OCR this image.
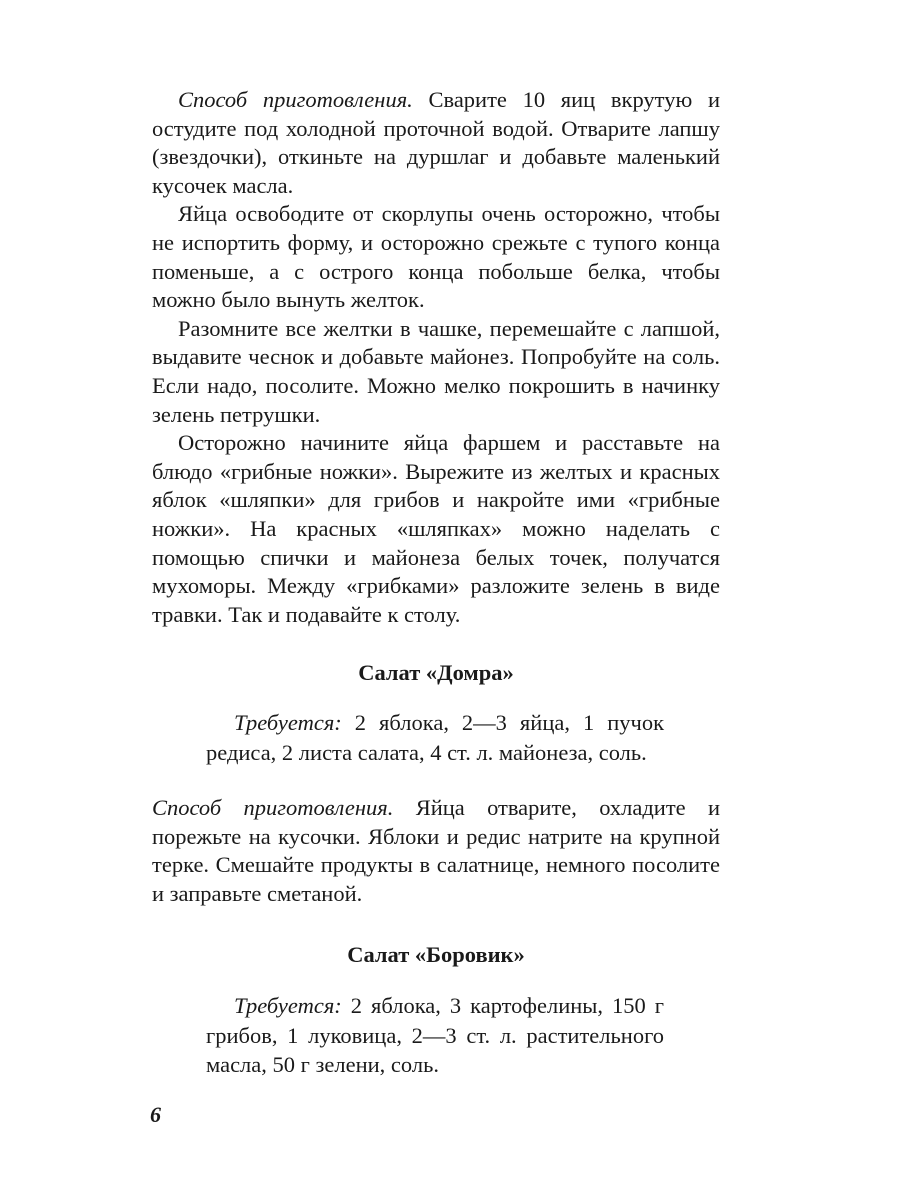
Способ приготовления. Сварите 10 яиц вкрутую и остудите под холодной проточной водой. Отварите лапшу (звездочки), откиньте на дуршлаг и добавьте маленький кусочек масла.

Яйца освободите от скорлупы очень осторожно, чтобы не испортить форму, и осторожно срежьте с тупого конца поменьше, а с острого конца побольше белка, чтобы можно было вынуть желток.

Разомните все желтки в чашке, перемешайте с лапшой, выдавите чеснок и добавьте майонез. Попробуйте на соль. Если надо, посолите. Можно мелко покрошить в начинку зелень петрушки.

Осторожно начините яйца фаршем и расставьте на блюдо «грибные ножки». Вырежите из желтых и красных яблок «шляпки» для грибов и накройте ими «грибные ножки». На красных «шляпках» можно наделать с помощью спички и майонеза белых точек, получатся мухоморы. Между «грибками» разложите зелень в виде травки. Так и подавайте к столу.

Салат «Домра»

Требуется: 2 яблока, 2—3 яйца, 1 пучок редиса, 2 листа салата, 4 ст. л. майонеза, соль.

Способ приготовления. Яйца отварите, охладите и порежьте на кусочки. Яблоки и редис натрите на крупной терке. Смешайте продукты в салатнице, немного посолите и заправьте сметаной.

Салат «Боровик»

Требуется: 2 яблока, 3 картофелины, 150 г грибов, 1 луковица, 2—3 ст. л. растительного масла, 50 г зелени, соль.

6
